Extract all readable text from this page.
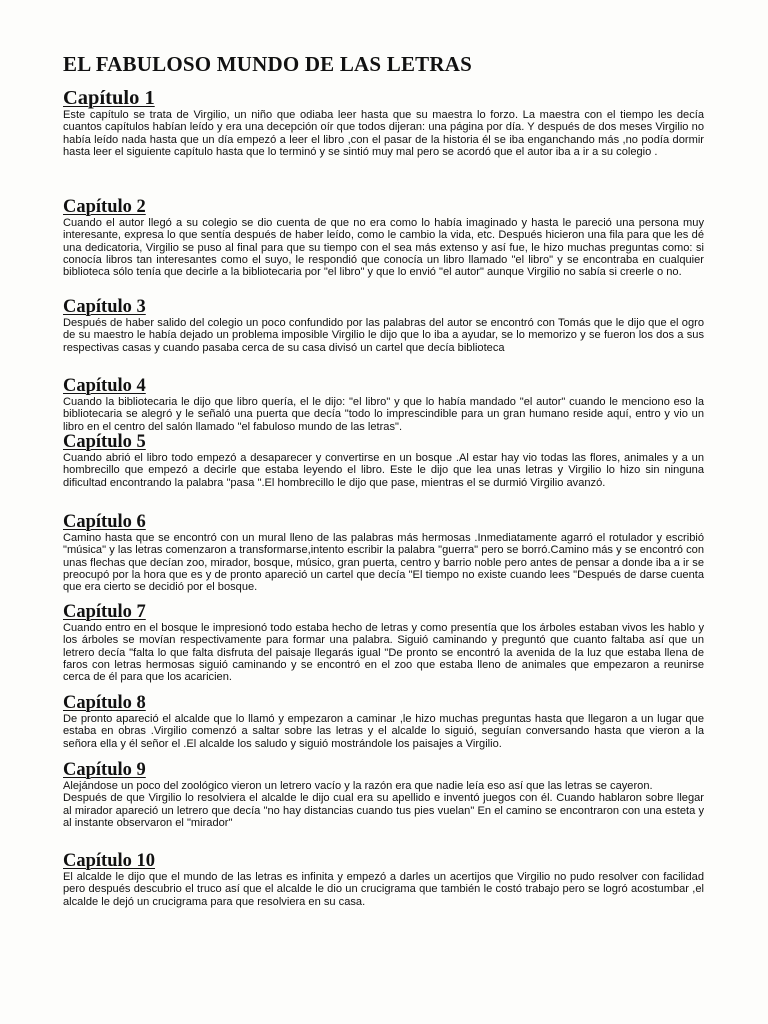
EL FABULOSO MUNDO DE LAS LETRAS
Capítulo 1

Este capítulo se trata de Virgilio, un niño que odiaba leer hasta que su maestra lo forzo. La maestra con el tiempo les decía cuantos capítulos habían leído y era una decepción oír que todos dijeran: una página por día. Y después de dos meses Virgilio no había leído nada hasta que un día empezó a leer el libro ,con el pasar de la historia él se iba enganchando más ,no podía dormir hasta leer el siguiente capítulo hasta que lo terminó y se sintió muy mal pero se acordó que el autor iba a ir a su colegio .

Capítulo 2

Cuando el autor llegó a su colegio se dio cuenta de que no era como lo había imaginado y hasta le pareció una persona muy interesante, expresa lo que sentía después de haber leído, como le cambio la vida, etc. Después hicieron una fila para que les dé una dedicatoria, Virgilio se puso al final para que su tiempo con el sea más extenso y así fue, le hizo muchas preguntas como: si conocía libros tan interesantes como el suyo, le respondió que conocía un libro llamado "el libro" y se encontraba en cualquier biblioteca sólo tenía que decirle a la bibliotecaria por "el libro" y que lo envió "el autor" aunque Virgilio no sabía si creerle o no.

Capítulo 3

Después de haber salido del colegio un poco confundido por las palabras del autor se encontró con Tomás que le dijo que el ogro de su maestro le había dejado un problema imposible Virgilio le dijo que lo iba a ayudar, se lo memorizo y se fueron los dos a sus respectivas casas y cuando pasaba cerca de su casa divisó un cartel que decía biblioteca

Capítulo 4

Cuando la bibliotecaria le dijo que libro quería, el le dijo: "el libro" y que lo había mandado "el autor" cuando le menciono eso la bibliotecaria se alegró y le señaló una puerta que decía "todo lo imprescindible para un gran humano reside aquí, entro y vio un libro en el centro del salón llamado "el fabuloso mundo de las letras".

Capítulo 5

Cuando abrió el libro todo empezó a desaparecer y convertirse en un bosque .Al estar hay vio todas las flores, animales y a un hombrecillo que empezó a decirle que estaba leyendo el libro. Este le dijo que lea unas letras y Virgilio lo hizo sin ninguna dificultad encontrando la palabra "pasa ".El hombrecillo le dijo que pase, mientras el se durmió Virgilio avanzó.

Capítulo 6

Camino hasta que se encontró con un mural lleno de las palabras más hermosas .Inmediatamente agarró el rotulador y escribió "música" y las letras comenzaron a transformarse,intento escribir la palabra "guerra" pero se borró.Camino más y se encontró con unas flechas que decían zoo, mirador, bosque, músico, gran puerta, centro y barrio noble pero antes de pensar a donde iba a ir se preocupó por la hora que es y de pronto apareció un cartel que decía "El tiempo no existe cuando lees "Después de darse cuenta que era cierto se decidió por el bosque.

Capítulo 7

Cuando entro en el bosque le impresionó todo estaba hecho de letras y como presentía que los árboles estaban vivos les hablo y los árboles se movían respectivamente para formar una palabra. Siguió caminando y preguntó que cuanto faltaba así que un letrero decía "falta lo que falta disfruta del paisaje llegarás igual "De pronto se encontró la avenida de la luz que estaba llena de faros con letras hermosas siguió caminando y se encontró en el zoo que estaba lleno de animales que empezaron a reunirse cerca de él para que los acaricien.

Capítulo 8

De pronto apareció el alcalde que lo llamó y empezaron a caminar ,le hizo muchas preguntas hasta que llegaron a un lugar que estaba en obras .Virgilio comenzó a saltar sobre las letras y el alcalde lo siguió, seguían conversando hasta que vieron a la señora ella y él señor el .El alcalde los saludo y siguió mostrándole los paisajes a Virgilio.

Capítulo 9

Alejándose un poco del zoológico vieron un letrero vacío y la razón era que nadie leía eso así que las letras se cayeron.
Después de que Virgilio lo resolviera el alcalde le dijo cual era su apellido e inventó juegos con él. Cuando hablaron sobre llegar al mirador apareció un letrero que decía "no hay distancias cuando tus pies vuelan" En el camino se encontraron con una esteta y al instante observaron el "mirador"

Capítulo 10

El alcalde le dijo que el mundo de las letras es infinita y empezó a darles un acertijos que Virgilio no pudo resolver con facilidad pero después descubrio el truco así que el alcalde le dio un crucigrama que también le costó trabajo pero se logró acostumbar ,el alcalde le dejó un crucigrama para que resolviera en su casa.
